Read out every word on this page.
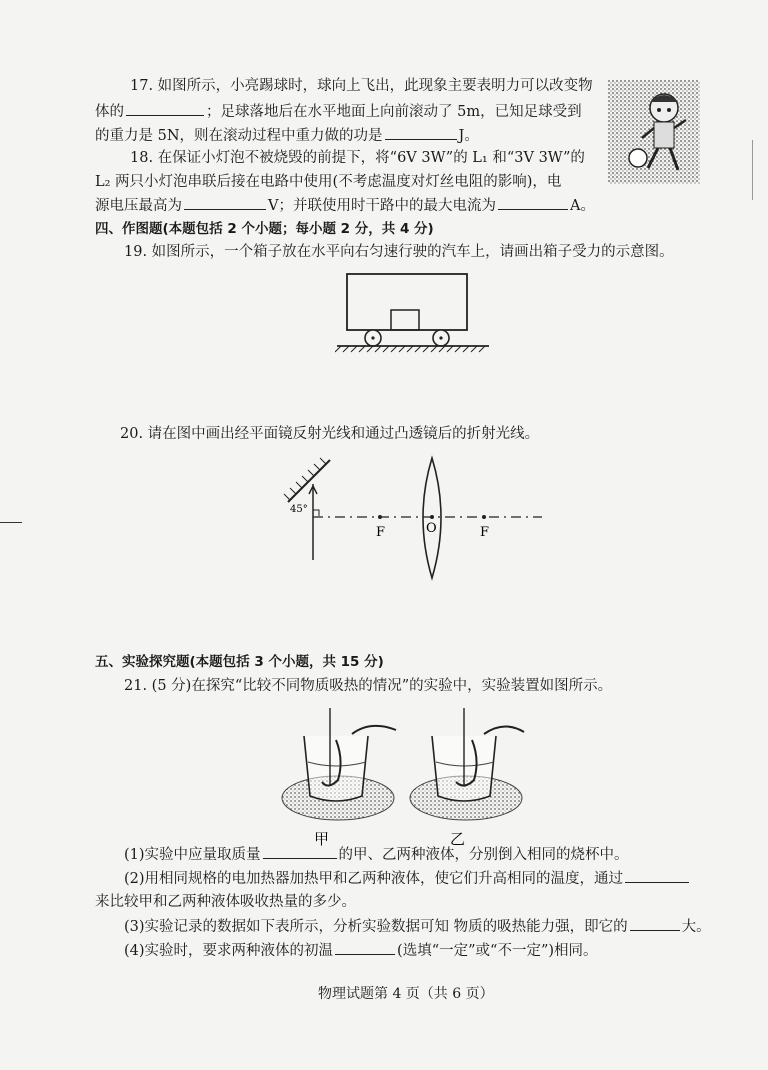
17. 如图所示，小亮踢球时，球向上飞出，此现象主要表明力可以改变物
体的	；足球落地后在水平地面上向前滚动了 5m，已知足球受到
的重力是 5N，则在滚动过程中重力做的功是	J。
18. 在保证小灯泡不被烧毁的前提下，将“6V 3W”的 L₁ 和“3V 3W”的
L₂ 两只小灯泡串联后接在电路中使用(不考虑温度对灯丝电阻的影响)，电
源电压最高为	V；并联使用时干路中的最大电流为	A。
四、作图题(本题包括 2 个小题；每小题 2 分，共 4 分)
19. 如图所示，一个箱子放在水平向右匀速行驶的汽车上，请画出箱子受力的示意图。
20. 请在图中画出经平面镜反射光线和通过凸透镜后的折射光线。
45°
F	O	F
五、实验探究题(本题包括 3 个小题，共 15 分)
21. (5 分)在探究“比较不同物质吸热的情况”的实验中，实验装置如图所示。
甲	乙
(1)实验中应量取质量	的甲、乙两种液体，分别倒入相同的烧杯中。
(2)用相同规格的电加热器加热甲和乙两种液体，使它们升高相同的温度，通过
来比较甲和乙两种液体吸收热量的多少。
(3)实验记录的数据如下表所示，分析实验数据可知 物质的吸热能力强，即它的	大。
(4)实验时，要求两种液体的初温	(选填“一定”或“不一定”)相同。
物理试题第 4 页（共 6 页）
